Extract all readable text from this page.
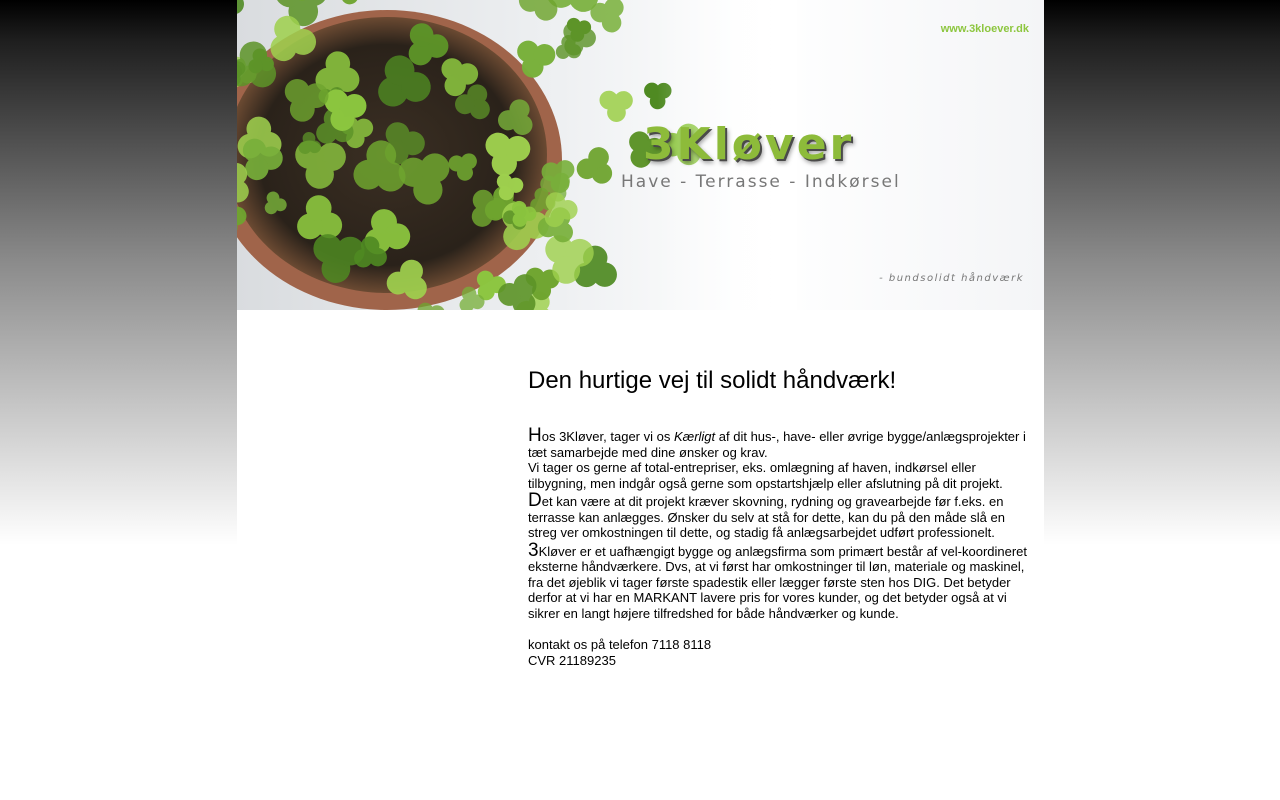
www.3kloever.dk
3Kløver
Have - Terrasse - Indkørsel
- bundsolidt håndværk
Den hurtige vej til solidt håndværk!

Hos 3Kløver, tager vi os Kærligt af dit hus-, have- eller øvrige bygge/anlægsprojekter i tæt samarbejde med dine ønsker og krav.

Vi tager os gerne af total-entrepriser, eks. omlægning af haven, indkørsel eller tilbygning, men indgår også gerne som opstartshjælp eller afslutning på dit projekt.

Det kan være at dit projekt kræver skovning, rydning og gravearbejde før f.eks. en terrasse kan anlægges. Ønsker du selv at stå for dette, kan du på den måde slå en streg ver omkostningen til dette, og stadig få anlægsarbejdet udført professionelt.

3Kløver er et uafhængigt bygge og anlægsfirma som primært består af vel-koordineret eksterne håndværkere. Dvs, at vi først har omkostninger til løn, materiale og maskinel, fra det øjeblik vi tager første spadestik eller lægger første sten hos DIG. Det betyder derfor at vi har en MARKANT lavere pris for vores kunder, og det betyder også at vi sikrer en langt højere tilfredshed for både håndværker og kunde.

kontakt os på telefon 7118 8118
CVR 21189235
